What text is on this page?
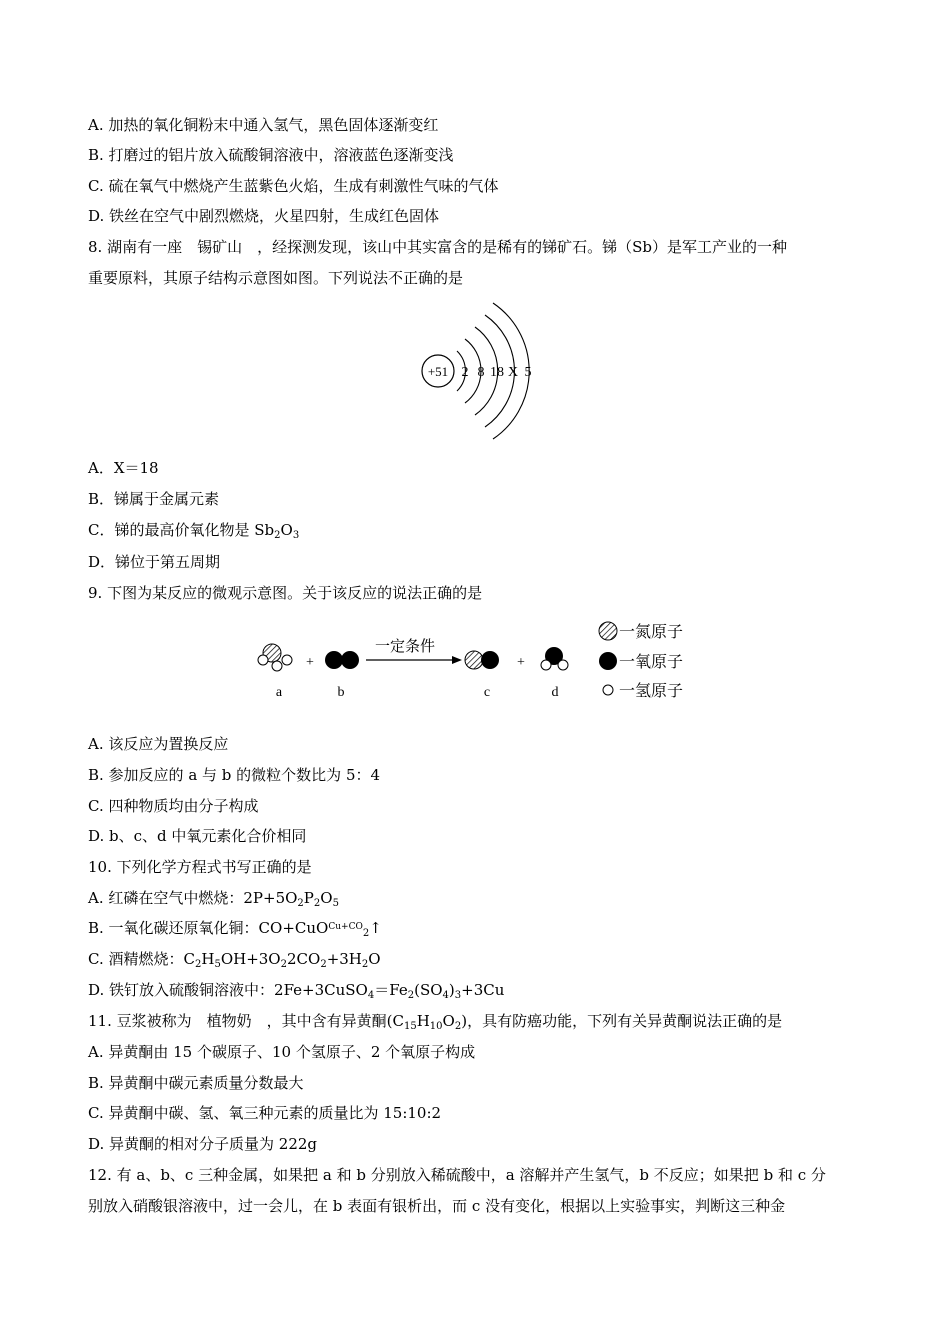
A. 加热的氧化铜粉末中通入氢气，黑色固体逐渐变红
B. 打磨过的铝片放入硫酸铜溶液中，溶液蓝色逐渐变浅
C. 硫在氧气中燃烧产生蓝紫色火焰，生成有刺激性气味的气体
D. 铁丝在空气中剧烈燃烧，火星四射，生成红色固体
8. 湖南有一座　锡矿山　，经探测发现，该山中其实富含的是稀有的锑矿石。锑（Sb）是军工产业的一种
重要原料，其原子结构示意图如图。下列说法不正确的是
+51 2 8 18 X 5
A．X＝18
B．锑属于金属元素
C．锑的最高价氧化物是 $Sb_2O_3$
D．锑位于第五周期
9. 下图为某反应的微观示意图。关于该反应的说法正确的是
a
+
b
一定条件
c
+
d
一氮原子
一氧原子
一氢原子
A. 该反应为置换反应
B. 参加反应的 a 与 b 的微粒个数比为 5：4
C. 四种物质均由分子构成
D. b、c、d 中氧元素化合价相同
10. 下列化学方程式书写正确的是
A. 红磷在空气中燃烧：$2P+5O_2P_2O_5$
B. 一氧化碳还原氧化铜：CO+CuO$^{Cu+CO}_2$↑
C. 酒精燃烧：$C_2H_5OH+3O_22CO_2+3H_2O$
D. 铁钉放入硫酸铜溶液中：$2Fe+3CuSO_4=Fe_2(SO_4)_3+3Cu$
11. 豆浆被称为　植物奶　，其中含有异黄酮$(C_{15}H_{10}O_2)$，具有防癌功能，下列有关异黄酮说法正确的是
A. 异黄酮由 15 个碳原子、10 个氢原子、2 个氧原子构成
B. 异黄酮中碳元素质量分数最大
C. 异黄酮中碳、氢、氧三种元素的质量比为 15:10:2
D. 异黄酮的相对分子质量为 222g
12. 有 a、b、c 三种金属，如果把 a 和 b 分别放入稀硫酸中，a 溶解并产生氢气，b 不反应；如果把 b 和 c 分
别放入硝酸银溶液中，过一会儿，在 b 表面有银析出，而 c 没有变化，根据以上实验事实，判断这三种金
